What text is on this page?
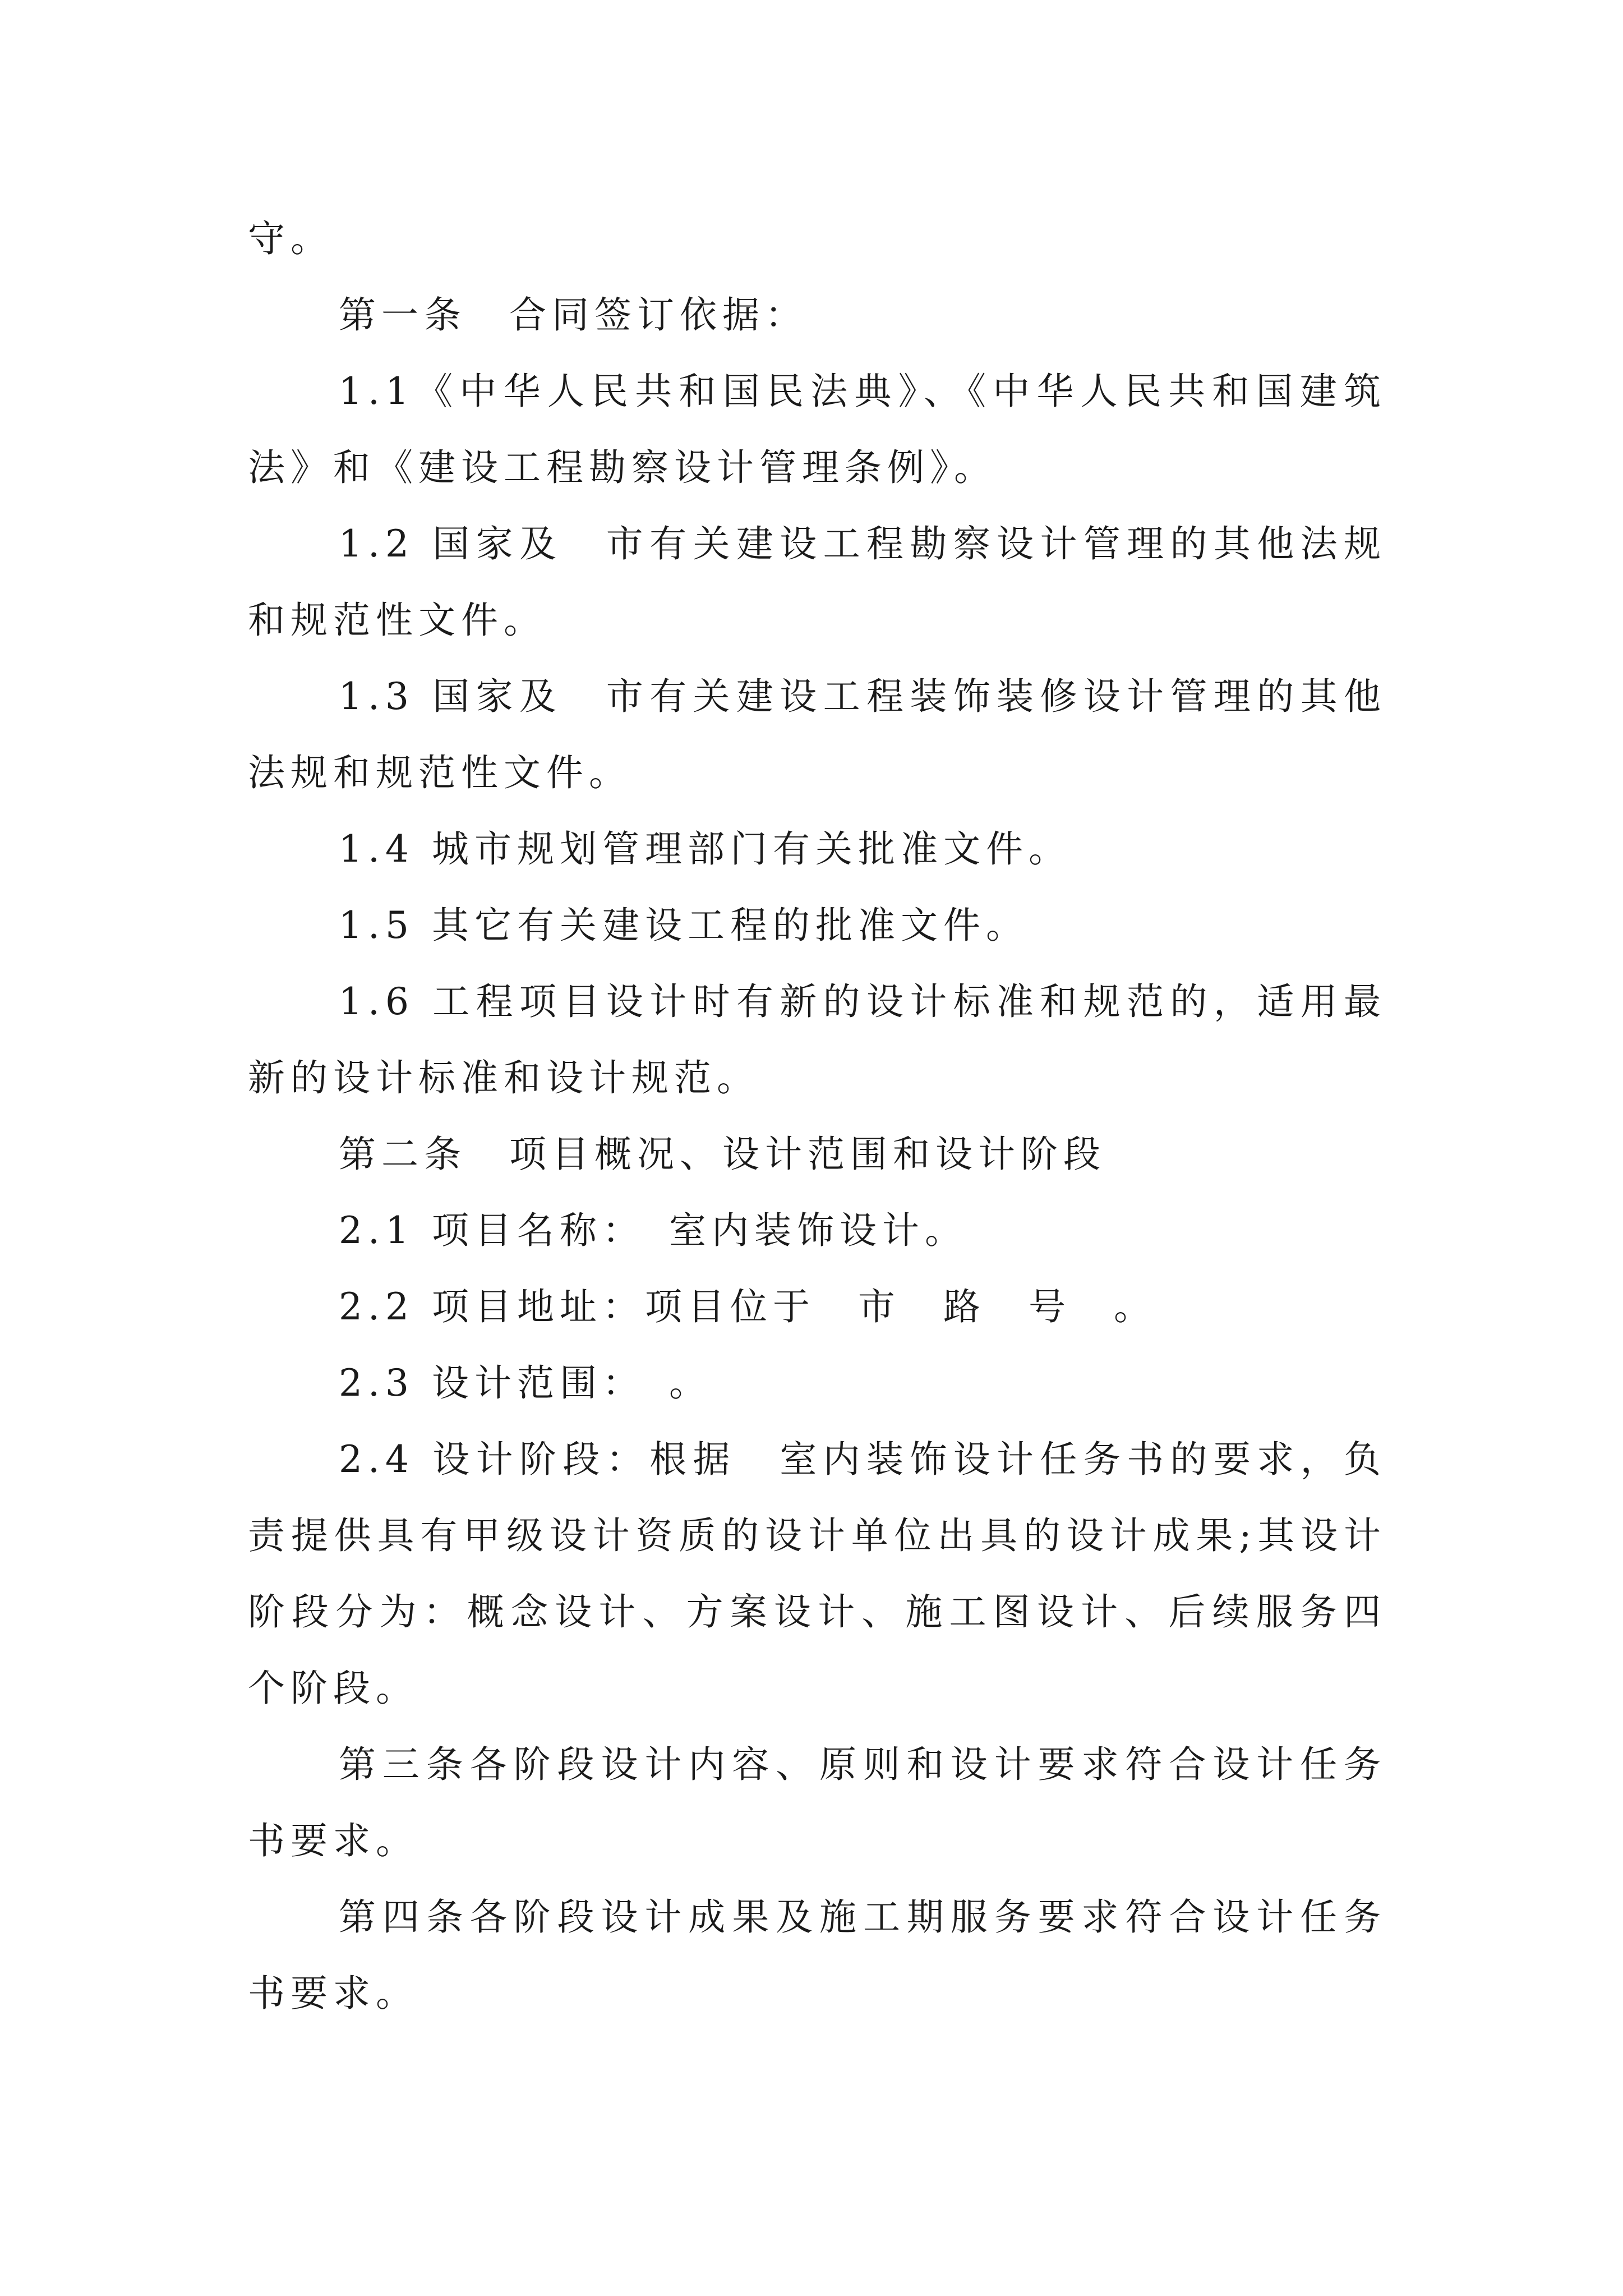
守。

第一条　合同签订依据：

1.1《中华人民共和国民法典》、《中华人民共和国建筑法》和《建设工程勘察设计管理条例》。

1.2 国家及　市有关建设工程勘察设计管理的其他法规和规范性文件。

1.3 国家及　市有关建设工程装饰装修设计管理的其他法规和规范性文件。

1.4 城市规划管理部门有关批准文件。

1.5 其它有关建设工程的批准文件。

1.6 工程项目设计时有新的设计标准和规范的，适用最新的设计标准和设计规范。

第二条　项目概况、设计范围和设计阶段

2.1 项目名称：　室内装饰设计。

2.2 项目地址：项目位于　市　路　号　。

2.3 设计范围：　。

2.4 设计阶段：根据　室内装饰设计任务书的要求，负责提供具有甲级设计资质的设计单位出具的设计成果;其设计阶段分为：概念设计、方案设计、施工图设计、后续服务四个阶段。

第三条各阶段设计内容、原则和设计要求符合设计任务书要求。

第四条各阶段设计成果及施工期服务要求符合设计任务书要求。
